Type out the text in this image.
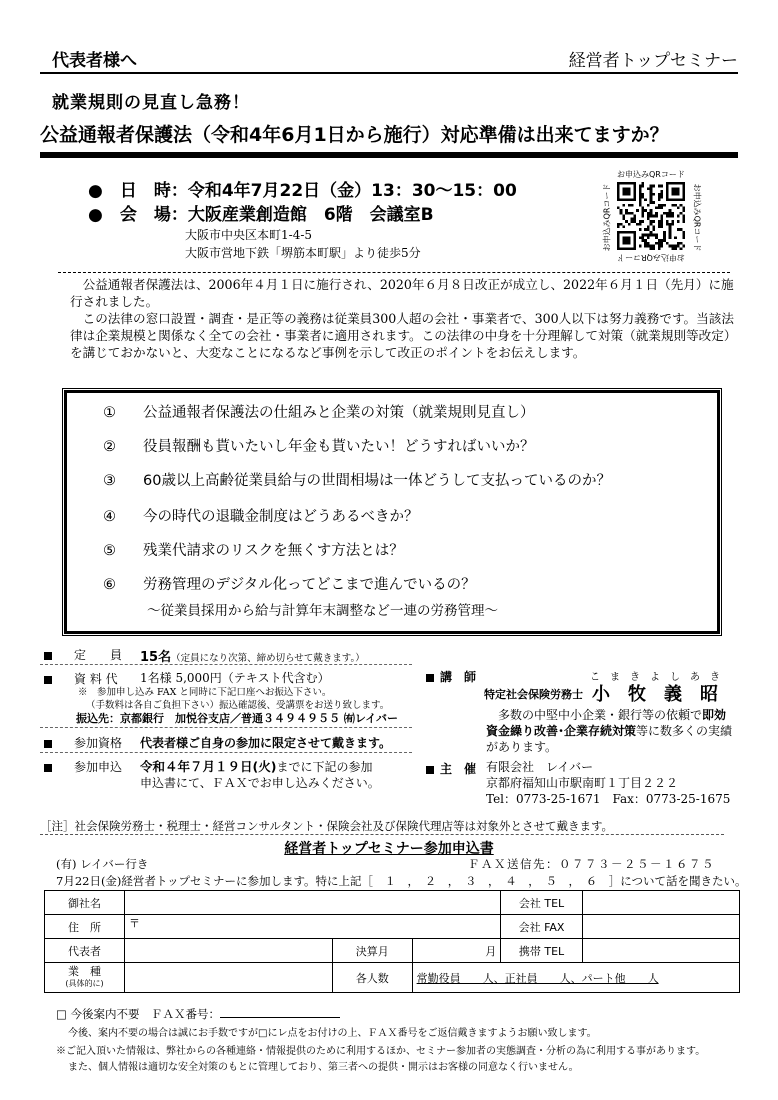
代表者様へ	経営者トップセミナー
就業規則の見直し急務！
公益通報者保護法（令和4年6月1日から施行）対応準備は出来てますか？
●　日　時：令和4年7月22日（金）13：30～15：00
●　会　場：大阪産業創造館　6階　会議室B
大阪市中央区本町1-4-5
大阪市営地下鉄「堺筋本町駅」より徒歩5分
お申込みQRコード
お申込みQRコード
お申込みQRコード	お申込みQRコード

公益通報者保護法は、2006年４月１日に施行され、2020年６月８日改正が成立し、2022年６月１日（先月）に施行されました。

この法律の窓口設置・調査・是正等の義務は従業員300人超の会社・事業者で、300人以下は努力義務です。当該法律は企業規模と関係なく全ての会社・事業者に適用されます。この法律の中身を十分理解して対策（就業規則等改定）を講じておかないと、大変なことになるなど事例を示して改正のポイントをお伝えします。

① 公益通報者保護法の仕組みと企業の対策（就業規則見直し）
② 役員報酬も貰いたいし年金も貰いたい！どうすればいいか？
③ 60歳以上高齢従業員給与の世間相場は一体どうして支払っているのか？
④ 今の時代の退職金制度はどうあるべきか？
⑤ 残業代請求のリスクを無くす方法とは？
⑥ 労務管理のデジタル化ってどこまで進んでいるの？
～従業員採用から給与計算年末調整など一連の労務管理～
定　　員 15名（定員になり次第、締め切らせて戴きます。）
資 料 代 1名様 5,000円（テキスト代含む）
※　参加申し込み FAX と同時に下記口座へお振込下さい。
（手数料は各自ご負担下さい）振込確認後、受講票をお送り致します。
振込先：京都銀行　加悦谷支店／普通３４９４９５５ ㈲レイバー
参加資格 代表者様ご自身の参加に限定させて戴きます。
参加申込 令和４年７月１９日(火)までに下記の参加
申込書にて、ＦＡＸでお申し込みください。
講　師	こ　ま　き　よ　し　あ　き
特定社会保険労務士 小　牧　義　昭
多数の中堅中小企業・銀行等の依頼で即効
資金繰り改善･企業存続対策等に数多くの実績
があります。
主　催 有限会社　レイバー
京都府福知山市駅南町１丁目２２２
Tel：0773-25-1671　Fax：0773-25-1675
［注］社会保険労務士・税理士・経営コンサルタント・保険会社及び保険代理店等は対象外とさせて戴きます。
経営者トップセミナー参加申込書
(有) レイバー行き	ＦＡＸ送信先：０７７３－２５－１６７５
7月22日(金)経営者トップセミナーに参加します。特に上記［　１　，　２　，　３　，　４　，　５　，　６　］について話を聞きたい。
御社名				会社 TEL	
住　所	〒			会社 FAX	
代表者		決算月	月	携帯 TEL	
業　種
(具体的に)		各人数	常勤役員　　人、正社員　　人、パート他　　人		
□ 今後案内不要　ＦＡＸ番号：
今後、案内不要の場合は誠にお手数ですが□にレ点をお付けの上、ＦＡＸ番号をご返信戴きますようお願い致します。
※ご記入頂いた情報は、弊社からの各種連絡・情報提供のために利用するほか、セミナー参加者の実態調査・分析の為に利用する事があります。
また、個人情報は適切な安全対策のもとに管理しており、第三者への提供・開示はお客様の同意なく行いません。
